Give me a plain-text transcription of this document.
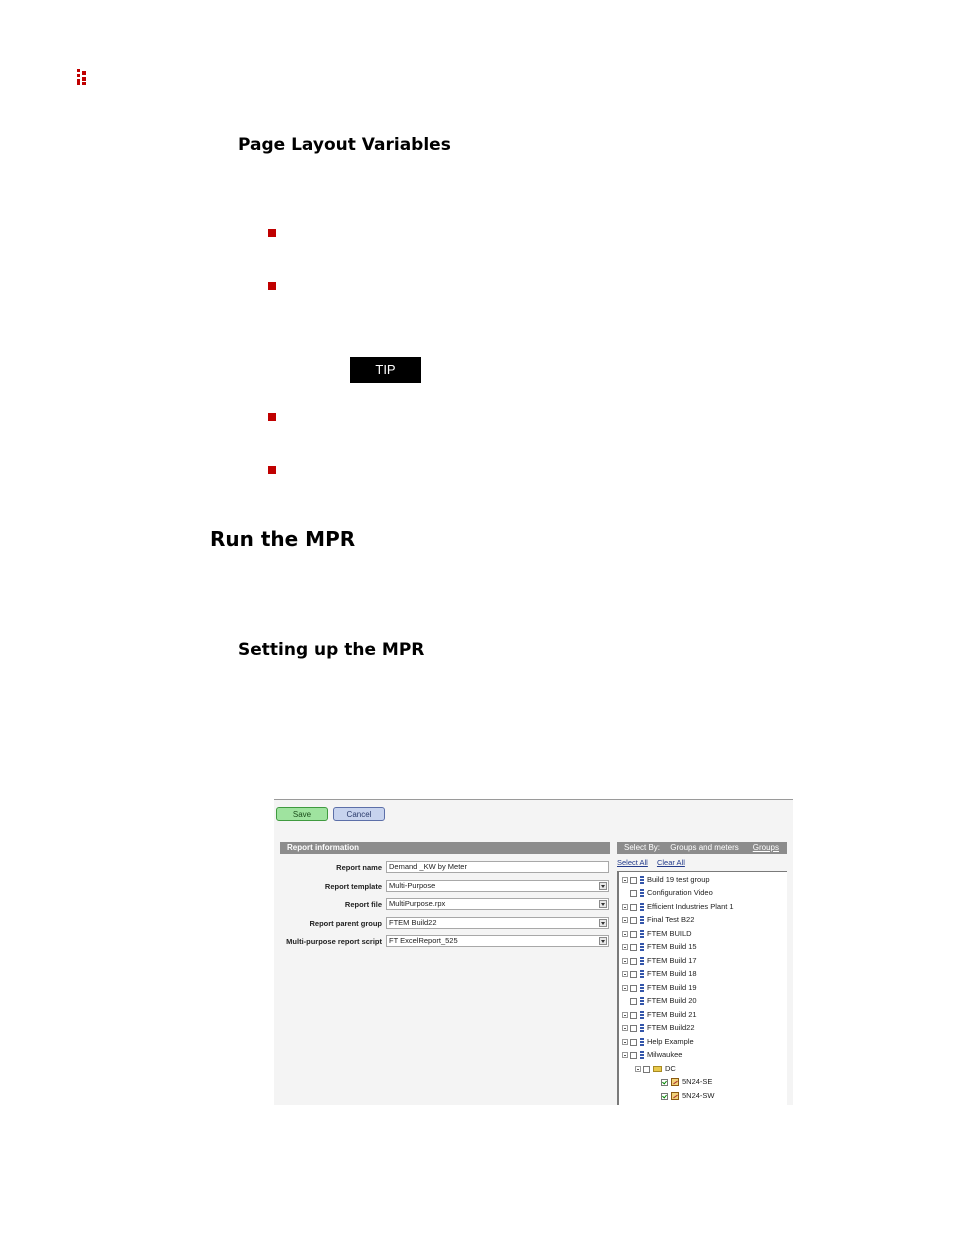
Page Layout Variables
TIP
Run the MPR
Setting up the MPR
Save	Cancel
Report information
Report name Demand _KW by Meter
Report template Multi-Purpose
Report file MultiPurpose.rpx
Report parent group FTEM Build22
Multi-purpose report script FT ExcelReport_525
Select By: Groups and meters Groups
Select All Clear All
Build 19 test group
Configuration Video
Efficient Industries Plant 1
Final Test B22
FTEM BUILD
FTEM Build 15
FTEM Build 17
FTEM Build 18
FTEM Build 19
FTEM Build 20
FTEM Build 21
FTEM Build22
Help Example
Milwaukee
DC
5N24-SE
5N24-SW
